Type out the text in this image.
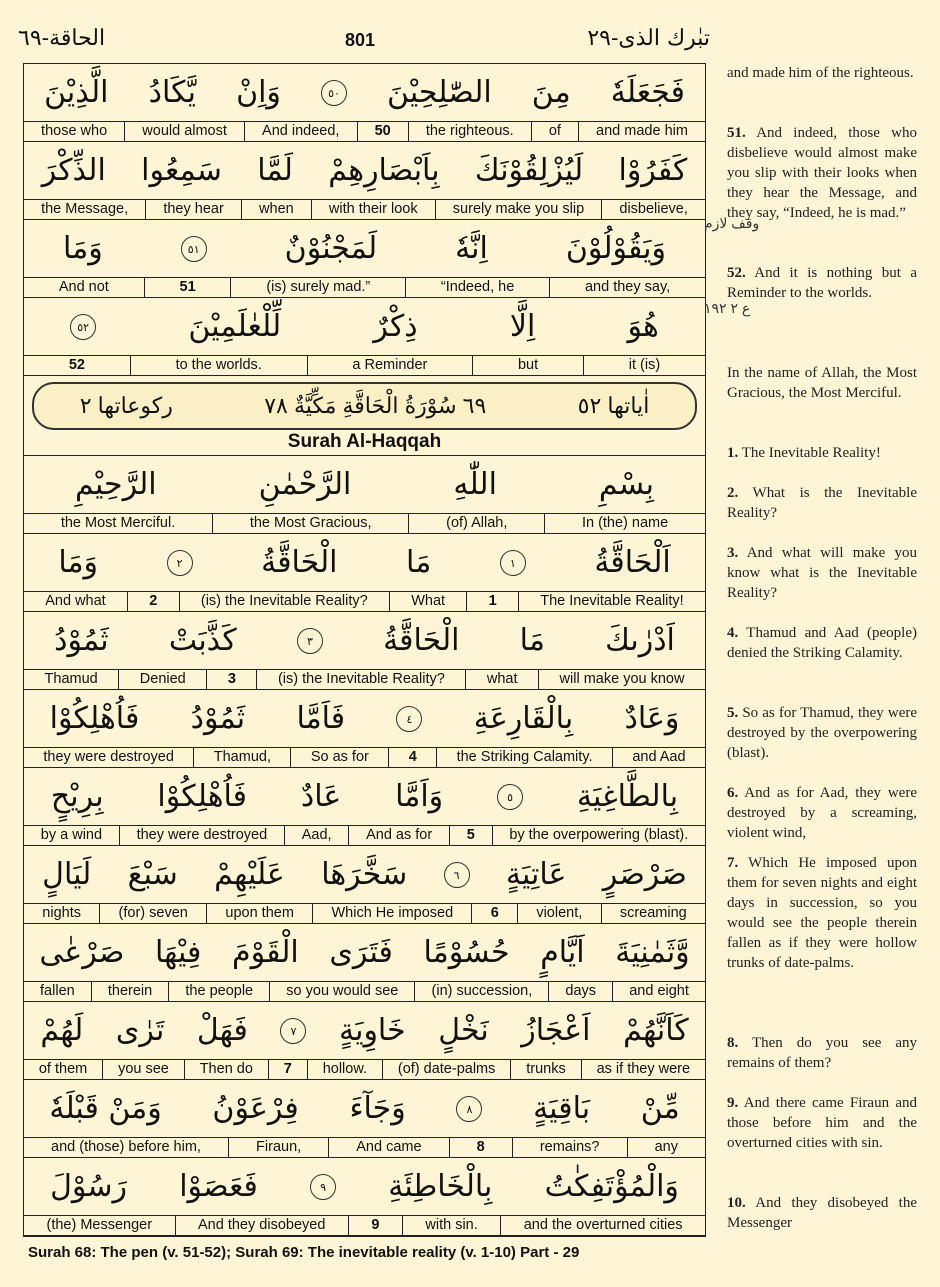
الحاقة-٦٩	801	تبٰرك الذى-٢٩
فَجَعَلَهٗ
مِنَ
الصّٰلِحِيْنَ
٥٠
وَاِنْ
يَّكَادُ
الَّذِيْنَ
and made him
of
the righteous.
50
And indeed,
would almost
those who
كَفَرُوْا
لَيُزْلِقُوْنَكَ
بِاَبْصَارِهِمْ
لَمَّا
سَمِعُوا
الذِّكْرَ
disbelieve,
surely make you slip
with their look
when
they hear
the Message,
وَيَقُوْلُوْنَ
اِنَّهٗ
لَمَجْنُوْنٌ
٥١
وَمَا
and they say,
“Indeed, he
(is) surely mad.”
51
And not
هُوَ
اِلَّا
ذِكْرٌ
لِّلْعٰلَمِيْنَ
٥٢
it (is)
but
a Reminder
to the worlds.
52
اٰياتها ٥٢
٦٩ سُوْرَةُ الْحَاقَّةِ مَكِّيَّةٌ ٧٨
ركوعاتها ٢
Surah Al-Haqqah
بِسْمِ
اللّٰهِ
الرَّحْمٰنِ
الرَّحِيْمِ
In (the) name
(of) Allah,
the Most Gracious,
the Most Merciful.
اَلْحَاقَّةُ
١
مَا
الْحَاقَّةُ
٢
وَمَا
The Inevitable Reality!
1
What
(is) the Inevitable Reality?
2
And what
اَدْرٰىكَ
مَا
الْحَاقَّةُ
٣
كَذَّبَتْ
ثَمُوْدُ
will make you know
what
(is) the Inevitable Reality?
3
Denied
Thamud
وَعَادٌ
بِالْقَارِعَةِ
٤
فَاَمَّا
ثَمُوْدُ
فَاُهْلِكُوْا
and Aad
the Striking Calamity.
4
So as for
Thamud,
they were destroyed
بِالطَّاغِيَةِ
٥
وَاَمَّا
عَادٌ
فَاُهْلِكُوْا
بِرِيْحٍ
by the overpowering (blast).
5
And as for
Aad,
they were destroyed
by a wind
صَرْصَرٍ
عَاتِيَةٍ
٦
سَخَّرَهَا
عَلَيْهِمْ
سَبْعَ
لَيَالٍ
screaming
violent,
6
Which He imposed
upon them
(for) seven
nights
وَّثَمٰنِيَةَ
اَيَّامٍ
حُسُوْمًا
فَتَرَى
الْقَوْمَ
فِيْهَا
صَرْعٰى
and eight
days
(in) succession,
so you would see
the people
therein
fallen
كَاَنَّهُمْ
اَعْجَازُ
نَخْلٍ
خَاوِيَةٍ
٧
فَهَلْ
تَرٰى
لَهُمْ
as if they were
trunks
(of) date-palms
hollow.
7
Then do
you see
of them
مِّنْ
بَاقِيَةٍ
٨
وَجَآءَ
فِرْعَوْنُ
وَمَنْ قَبْلَهٗ
any
remains?
8
And came
Firaun,
and (those) before him,
وَالْمُؤْتَفِكٰتُ
بِالْخَاطِئَةِ
٩
فَعَصَوْا
رَسُوْلَ
and the overturned cities
with sin.
9
And they disobeyed
(the) Messenger
and made him of the righteous.
51. And indeed, those who disbelieve would almost make you slip with their looks when they hear the Message, and they say, “Indeed, he is mad.”
52. And it is nothing but a Reminder to the worlds.
In the name of Allah, the Most Gracious, the Most Merciful.
1. The Inevitable Reality!
2. What is the Inevitable Reality?
3. And what will make you know what is the Inevitable Reality?
4. Thamud and Aad (people) denied the Striking Calamity.
5. So as for Thamud, they were destroyed by the overpowering (blast).
6. And as for Aad, they were destroyed by a screaming, violent wind,
7. Which He imposed upon them for seven nights and eight days in succession, so you would see the people therein fallen as if they were hollow trunks of date-palms.
8. Then do you see any remains of them?
9. And there came Firaun and those before him and the overturned cities with sin.
10. And they disobeyed the Messenger
وقف لازم
ع ٢ ١٩٢
Surah 68: The pen (v. 51-52); Surah 69: The inevitable reality (v. 1-10) Part - 29
